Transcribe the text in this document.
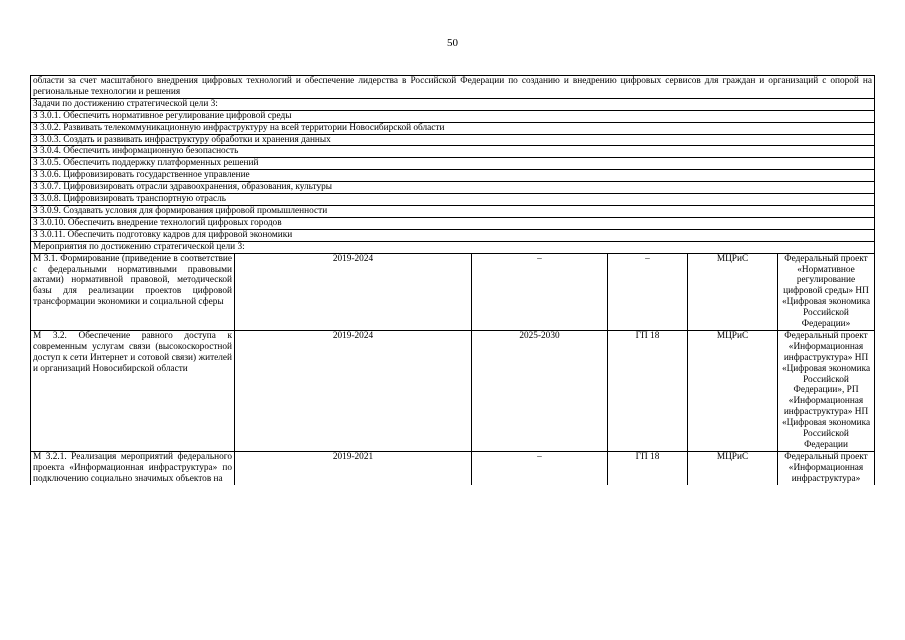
50
области за счет масштабного внедрения цифровых технологий и обеспечение лидерства в Российской Федерации по созданию и внедрению цифровых сервисов для граждан и организаций с опорой на региональные технологии и решения					
Задачи по достижению стратегической цели 3:					
З 3.0.1. Обеспечить нормативное регулирование цифровой среды					
З 3.0.2. Развивать телекоммуникационную инфраструктуру на всей территории Новосибирской области					
З 3.0.3. Создать и развивать инфраструктуру обработки и хранения данных					
З 3.0.4. Обеспечить информационную безопасность					
З 3.0.5. Обеспечить поддержку платформенных решений					
З 3.0.6. Цифровизировать государственное управление					
З 3.0.7. Цифровизировать отрасли здравоохранения, образования, культуры					
З 3.0.8. Цифровизировать транспортную отрасль					
З 3.0.9. Создавать условия для формирования цифровой промышленности					
З 3.0.10. Обеспечить внедрение технологий цифровых городов					
З 3.0.11. Обеспечить подготовку кадров для цифровой экономики					
Мероприятия по достижению стратегической цели 3:					
М 3.1. Формирование (приведение в соответствие с федеральными нормативными правовыми актами) нормативной правовой, методической базы для реализации проектов цифровой трансформации экономики и социальной сферы	2019-2024	–	–	МЦРиС	Федеральный проект «Нормативное регулирование цифровой среды» НП «Цифровая экономика Российской Федерации»
М 3.2. Обеспечение равного доступа к современным услугам связи (высокоскоростной доступ к сети Интернет и сотовой связи) жителей и организаций Новосибирской области	2019-2024	2025-2030	ГП 18	МЦРиС	Федеральный проект «Информационная инфраструктура» НП «Цифровая экономика Российской Федерации», РП «Информационная инфраструктура» НП «Цифровая экономика Российской Федерации
М 3.2.1. Реализация мероприятий федерального проекта «Информационная инфраструктура» по подключению социально значимых объектов на	2019-2021	–	ГП 18	МЦРиС	Федеральный проект «Информационная инфраструктура»
